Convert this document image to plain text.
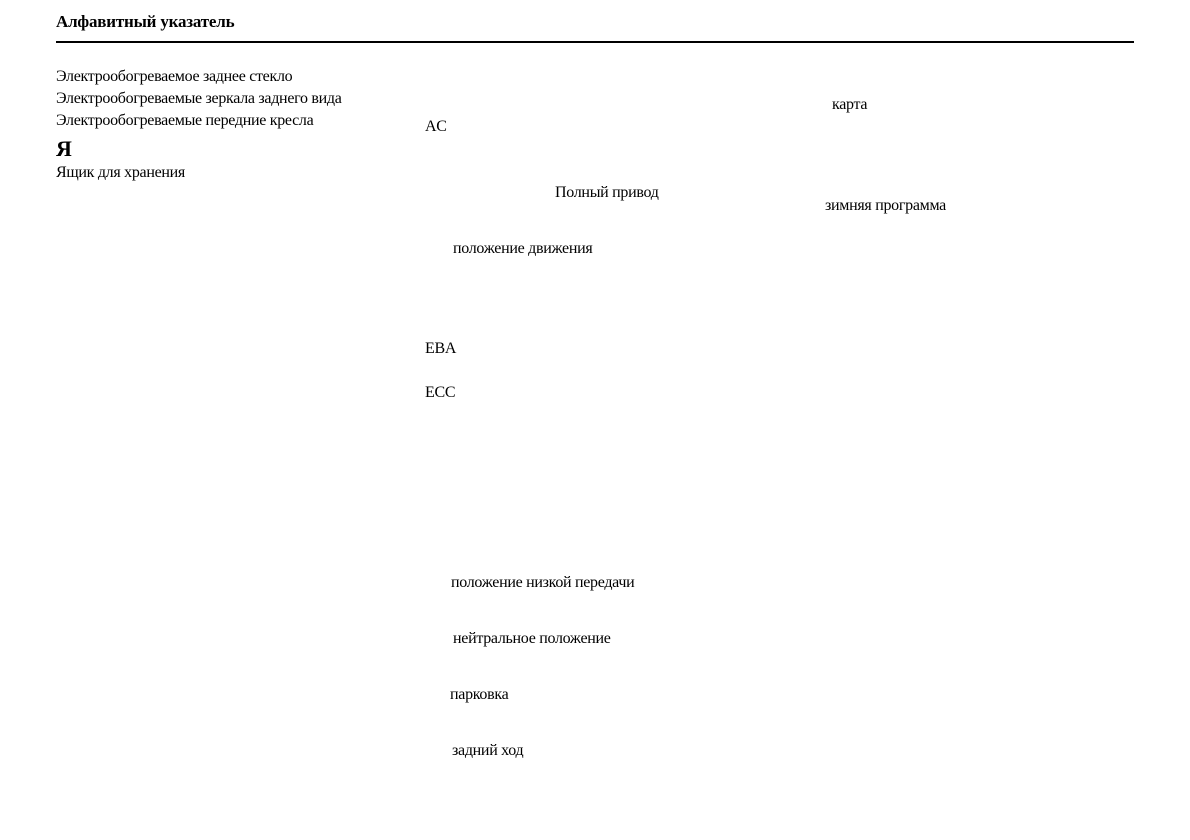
Алфавитный указатель

Электрообогреваемое заднее стекло

Электрообогреваемые зеркала заднего вида

Электрообогреваемые передние кресла

Я

Ящик для хранения

AC
Полный привод
положение движения
EBA
ECC
положение низкой передачи
нейтральное положение
парковка
задний ход
карта
зимняя программа
